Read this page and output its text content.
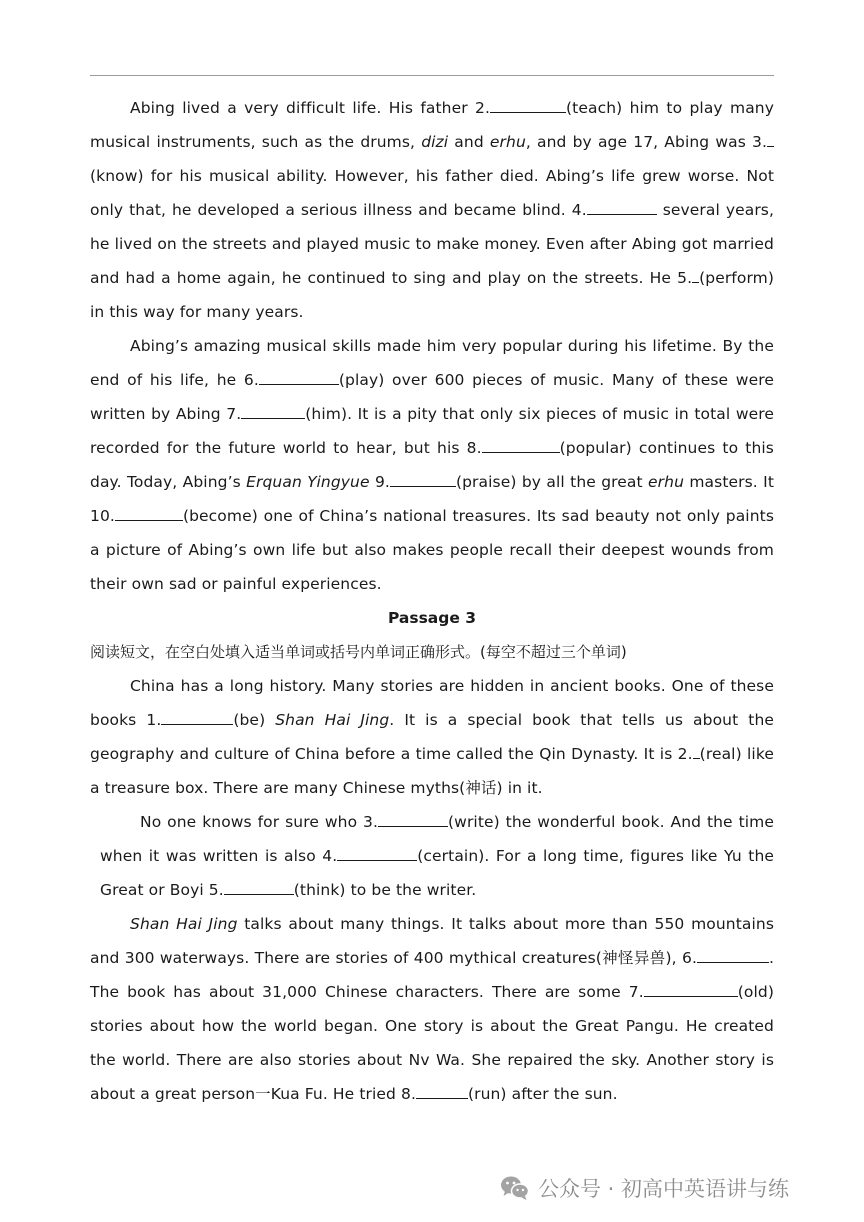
Abing lived a very difficult life. His father 2.	(teach) him to play many musical instruments, such as the drums, dizi and erhu, and by age 17, Abing was 3.(know) for his musical ability. However, his father died. Abing’s life grew worse. Not only that, he developed a serious illness and became blind. 4.	several years, he lived on the streets and played music to make money. Even after Abing got married and had a home again, he continued to sing and play on the streets. He 5. (perform) in this way for many years.

Abing’s amazing musical skills made him very popular during his lifetime. By the end of his life, he 6.	(play) over 600 pieces of music. Many of these were written by Abing 7.	(him). It is a pity that only six pieces of music in total were recorded for the future world to hear, but his 8.	(popular) continues to this day. Today, Abing’s Erquan Yingyue 9.	(praise) by all the great erhu masters. It 10.	(become) one of China’s national treasures. Its sad beauty not only paints a picture of Abing’s own life but also makes people recall their deepest wounds from their own sad or painful experiences.

Passage 3

阅读短文，在空白处填入适当单词或括号内单词正确形式。(每空不超过三个单词)

China has a long history. Many stories are hidden in ancient books. One of these books 1.	(be) Shan Hai Jing. It is a special book that tells us about the geography and culture of China before a time called the Qin Dynasty. It is 2. (real) like a treasure box. There are many Chinese myths(神话) in it.

No one knows for sure who 3.	(write) the wonderful book. And the time when it was written is also 4.	(certain). For a long time, figures like Yu the Great or Boyi 5.	(think) to be the writer.

Shan Hai Jing talks about many things. It talks about more than 550 mountains and 300 waterways. There are stories of 400 mythical creatures(神怪异兽), 6.	. The book has about 31,000 Chinese characters. There are some 7.	(old) stories about how the world began. One story is about the Great Pangu. He created the world. There are also stories about Nv Wa. She repaired the sky. Another story is about a great person一Kua Fu. He tried 8.	(run) after the sun.

公众号 · 初高中英语讲与练
